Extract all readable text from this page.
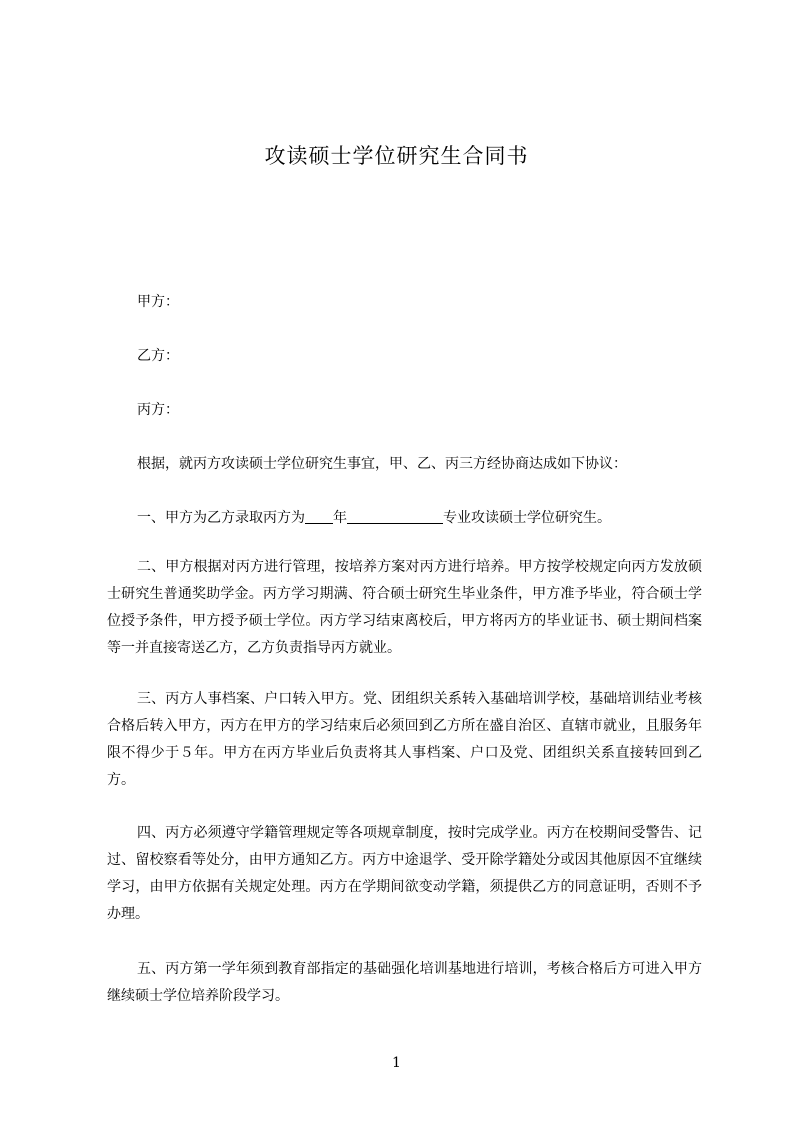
攻读硕士学位研究生合同书
甲方：
乙方：
丙方：
根据，就丙方攻读硕士学位研究生事宜，甲、乙、丙三方经协商达成如下协议：
一、甲方为乙方录取丙方为 年	专业攻读硕士学位研究生。
二、甲方根据对丙方进行管理，按培养方案对丙方进行培养。甲方按学校规定向丙方发放硕士研究生普通奖助学金。丙方学习期满、符合硕士研究生毕业条件，甲方准予毕业，符合硕士学位授予条件，甲方授予硕士学位。丙方学习结束离校后，甲方将丙方的毕业证书、硕士期间档案等一并直接寄送乙方，乙方负责指导丙方就业。
三、丙方人事档案、户口转入甲方。党、团组织关系转入基础培训学校，基础培训结业考核合格后转入甲方，丙方在甲方的学习结束后必须回到乙方所在盛自治区、直辖市就业，且服务年限不得少于５年。甲方在丙方毕业后负责将其人事档案、户口及党、团组织关系直接转回到乙方。
四、丙方必须遵守学籍管理规定等各项规章制度，按时完成学业。丙方在校期间受警告、记过、留校察看等处分，由甲方通知乙方。丙方中途退学、受开除学籍处分或因其他原因不宜继续学习，由甲方依据有关规定处理。丙方在学期间欲变动学籍，须提供乙方的同意证明，否则不予办理。
五、丙方第一学年须到教育部指定的基础强化培训基地进行培训，考核合格后方可进入甲方继续硕士学位培养阶段学习。
1
